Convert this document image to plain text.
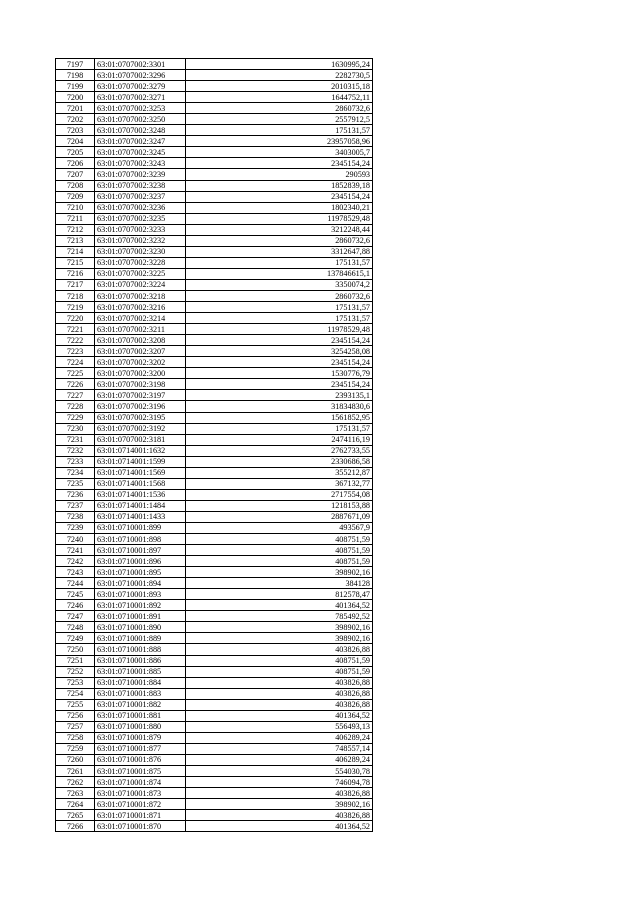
7197	63:01:0707002:3301	1630995,24
7198	63:01:0707002:3296	2282730,5
7199	63:01:0707002:3279	2010315,18
7200	63:01:0707002:3271	1644752,11
7201	63:01:0707002:3253	2860732,6
7202	63:01:0707002:3250	2557912,5
7203	63:01:0707002:3248	175131,57
7204	63:01:0707002:3247	23957058,96
7205	63:01:0707002:3245	3403005,7
7206	63:01:0707002:3243	2345154,24
7207	63:01:0707002:3239	290593
7208	63:01:0707002:3238	1852839,18
7209	63:01:0707002:3237	2345154,24
7210	63:01:0707002:3236	1802340,21
7211	63:01:0707002:3235	11978529,48
7212	63:01:0707002:3233	3212248,44
7213	63:01:0707002:3232	2860732,6
7214	63:01:0707002:3230	3312647,88
7215	63:01:0707002:3228	175131,57
7216	63:01:0707002:3225	137846615,1
7217	63:01:0707002:3224	3350074,2
7218	63:01:0707002:3218	2860732,6
7219	63:01:0707002:3216	175131,57
7220	63:01:0707002:3214	175131,57
7221	63:01:0707002:3211	11978529,48
7222	63:01:0707002:3208	2345154,24
7223	63:01:0707002:3207	3254258,08
7224	63:01:0707002:3202	2345154,24
7225	63:01:0707002:3200	1530776,79
7226	63:01:0707002:3198	2345154,24
7227	63:01:0707002:3197	2393135,1
7228	63:01:0707002:3196	31834830,6
7229	63:01:0707002:3195	1561852,95
7230	63:01:0707002:3192	175131,57
7231	63:01:0707002:3181	2474116,19
7232	63:01:0714001:1632	2762733,55
7233	63:01:0714001:1599	2330686,58
7234	63:01:0714001:1569	355212,87
7235	63:01:0714001:1568	367132,77
7236	63:01:0714001:1536	2717554,08
7237	63:01:0714001:1484	1218153,88
7238	63:01:0714001:1433	2887671,09
7239	63:01:0710001:899	493567,9
7240	63:01:0710001:898	408751,59
7241	63:01:0710001:897	408751,59
7242	63:01:0710001:896	408751,59
7243	63:01:0710001:895	398902,16
7244	63:01:0710001:894	384128
7245	63:01:0710001:893	812578,47
7246	63:01:0710001:892	401364,52
7247	63:01:0710001:891	785492,52
7248	63:01:0710001:890	398902,16
7249	63:01:0710001:889	398902,16
7250	63:01:0710001:888	403826,88
7251	63:01:0710001:886	408751,59
7252	63:01:0710001:885	408751,59
7253	63:01:0710001:884	403826,88
7254	63:01:0710001:883	403826,88
7255	63:01:0710001:882	403826,88
7256	63:01:0710001:881	401364,52
7257	63:01:0710001:880	556493,13
7258	63:01:0710001:879	406289,24
7259	63:01:0710001:877	748557,14
7260	63:01:0710001:876	406289,24
7261	63:01:0710001:875	554030,78
7262	63:01:0710001:874	746094,78
7263	63:01:0710001:873	403826,88
7264	63:01:0710001:872	398902,16
7265	63:01:0710001:871	403826,88
7266	63:01:0710001:870	401364,52
